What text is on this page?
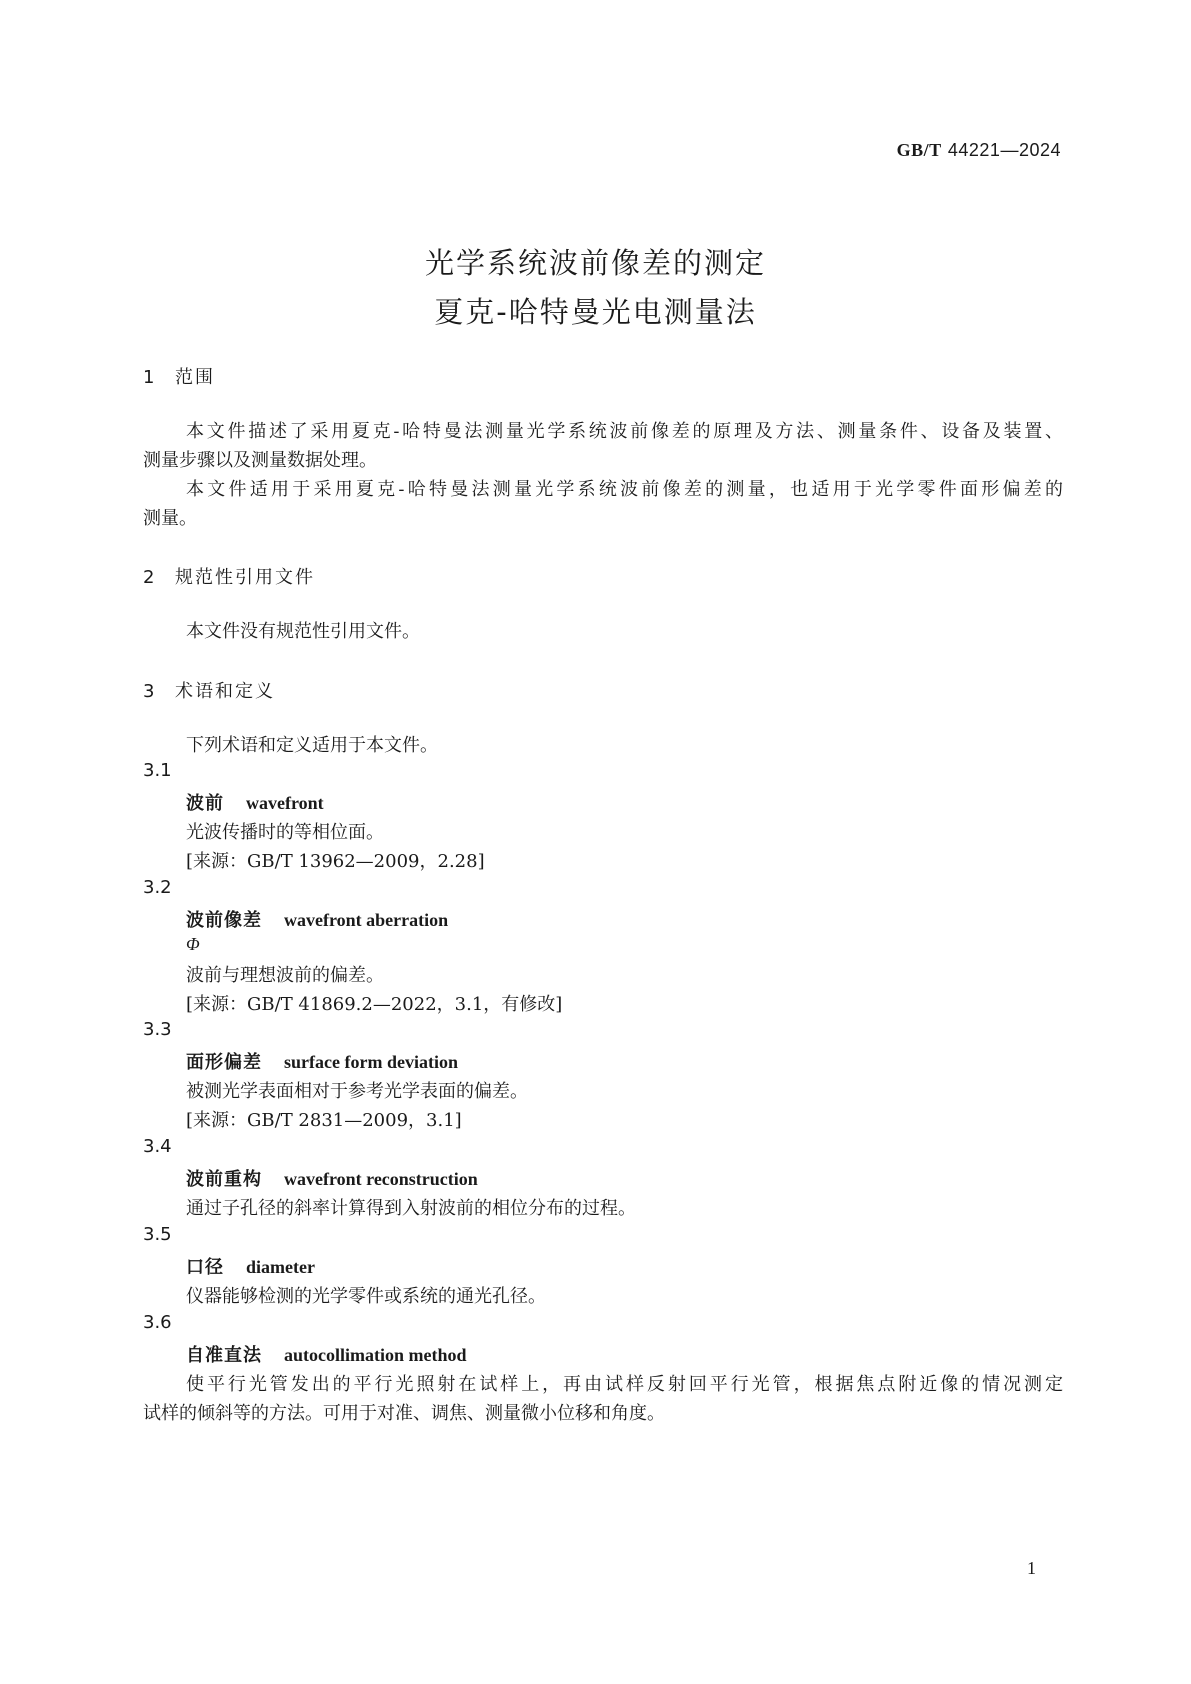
GB/T 44221—2024
光学系统波前像差的测定
夏克-哈特曼光电测量法
1 范围
本文件描述了采用夏克-哈特曼法测量光学系统波前像差的原理及方法、测量条件、设备及装置、
测量步骤以及测量数据处理。
本文件适用于采用夏克-哈特曼法测量光学系统波前像差的测量，也适用于光学零件面形偏差的
测量。
2 规范性引用文件
本文件没有规范性引用文件。
3 术语和定义
下列术语和定义适用于本文件。
3.1
波前 wavefront
光波传播时的等相位面。
[来源：GB/T 13962—2009，2.28]
3.2
波前像差 wavefront aberration
Φ
波前与理想波前的偏差。
[来源：GB/T 41869.2—2022，3.1，有修改]
3.3
面形偏差 surface form deviation
被测光学表面相对于参考光学表面的偏差。
[来源：GB/T 2831—2009，3.1]
3.4
波前重构 wavefront reconstruction
通过子孔径的斜率计算得到入射波前的相位分布的过程。
3.5
口径 diameter
仪器能够检测的光学零件或系统的通光孔径。
3.6
自准直法 autocollimation method
使平行光管发出的平行光照射在试样上，再由试样反射回平行光管，根据焦点附近像的情况测定
试样的倾斜等的方法。可用于对准、调焦、测量微小位移和角度。
1
